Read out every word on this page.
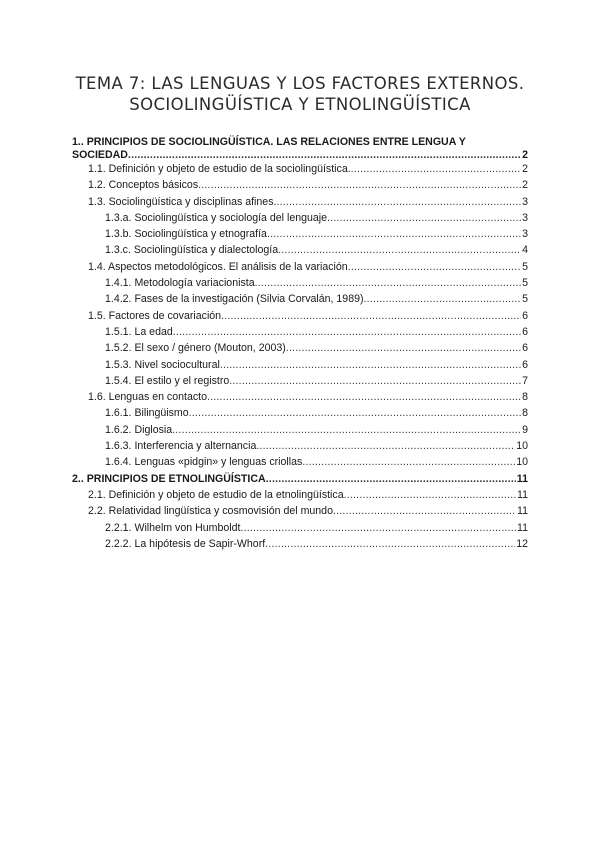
TEMA 7: LAS LENGUAS Y LOS FACTORES EXTERNOS.
SOCIOLINGÜÍSTICA Y ETNOLINGÜÍSTICA
1.. PRINCIPIOS DE SOCIOLINGÜÍSTICA. LAS RELACIONES ENTRE LENGUA Y
SOCIEDAD .....	2
1.1. Definición y objeto de estudio de la sociolingüística. .....	2
1.2. Conceptos básicos .....	2
1.3. Sociolingüística y disciplinas afines. .....	3
1.3.a. Sociolingüística y sociología del lenguaje .....	3
1.3.b. Sociolingüística y etnografía .....	3
1.3.c. Sociolingüística y dialectología .....	4
1.4. Aspectos metodológicos. El análisis de la variación .....	5
1.4.1. Metodología variacionista .....	5
1.4.2. Fases de la investigación (Silvia Corvalán, 1989) .....	5
1.5. Factores de covariación .....	6
1.5.1. La edad .....	6
1.5.2. El sexo / género (Mouton, 2003) .....	6
1.5.3. Nivel sociocultural .....	6
1.5.4. El estilo y el registro .....	7
1.6. Lenguas en contacto .....	8
1.6.1. Bilingüismo .....	8
1.6.2. Diglosia .....	9
1.6.3. Interferencia y alternancia .....	10
1.6.4. Lenguas «pidgin» y lenguas criollas .....	10
2.. PRINCIPIOS DE ETNOLINGÜÍSTICA .....	11
2.1. Definición y objeto de estudio de la etnolingüística .....	11
2.2. Relatividad lingüística y cosmovisión del mundo .....	11
2.2.1. Wilhelm von Humboldt .....	11
2.2.2. La hipótesis de Sapir-Whorf .....	12
